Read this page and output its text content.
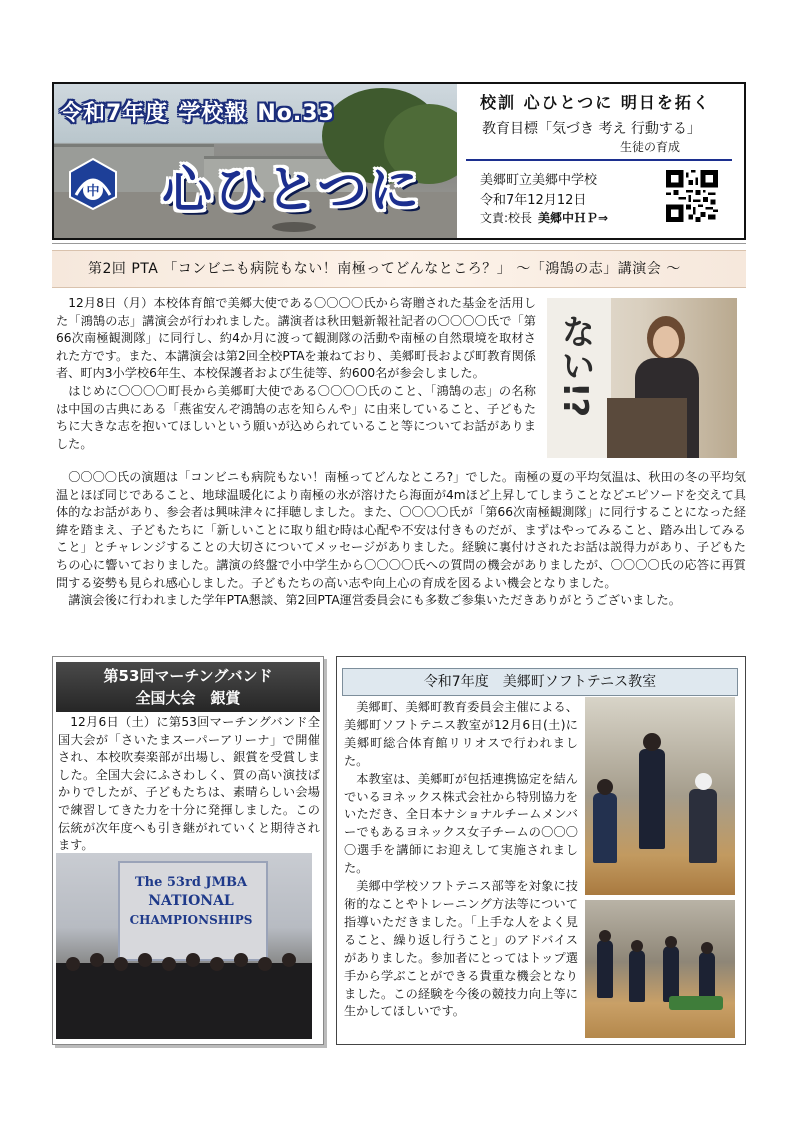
令和7年度 学校報 No.33
中 心ひとつに
校訓 心ひとつに 明日を拓く
教育目標「気づき 考え 行動する」
生徒の育成
美郷町立美郷中学校
令和7年12月12日
文責:校長 美郷中ＨＰ⇒
第2回 PTA 「コンビニも病院もない！南極ってどんなところ？」 ～「鴻鵠の志」講演会 ～

12月8日（月）本校体育館で美郷大使である〇〇〇〇氏から寄贈された基金を活用した「鴻鵠の志」講演会が行われました。講演者は秋田魁新報社記者の〇〇〇〇氏で「第66次南極観測隊」に同行し、約4か月に渡って観測隊の活動や南極の自然環境を取材された方です。また、本講演会は第2回全校PTAを兼ねており、美郷町長および町教育関係者、町内3小学校6年生、本校保護者および生徒等、約600名が参会しました。

はじめに〇〇〇〇町長から美郷町大使である〇〇〇〇氏のこと、「鴻鵠の志」の名称は中国の古典にある「燕雀安んぞ鴻鵠の志を知らんや」に由来していること、子どもたちに大きな志を抱いてほしいという願いが込められていること等についてお話がありました。

ない!?

〇〇〇〇氏の演題は「コンビニも病院もない！南極ってどんなところ?」でした。南極の夏の平均気温は、秋田の冬の平均気温とほぼ同じであること、地球温暖化により南極の氷が溶けたら海面が4mほど上昇してしまうことなどエピソードを交えて具体的なお話があり、参会者は興味津々に拝聴しました。また、〇〇〇〇氏が「第66次南極観測隊」に同行することになった経緯を踏まえ、子どもたちに「新しいことに取り組む時は心配や不安は付きものだが、まずはやってみること、踏み出してみること」とチャレンジすることの大切さについてメッセージがありました。経験に裏付けされたお話は説得力があり、子どもたちの心に響いておりました。講演の終盤で小中学生から〇〇〇〇氏への質問の機会がありましたが、〇〇〇〇氏の応答に再質問する姿勢も見られ感心しました。子どもたちの高い志や向上心の育成を図るよい機会となりました。

講演会後に行われました学年PTA懇談、第2回PTA運営委員会にも多数ご参集いただきありがとうございました。

第53回マーチングバンド
全国大会　銀賞

12月6日（土）に第53回マーチングバンド全国大会が「さいたまスーパーアリーナ」で開催され、本校吹奏楽部が出場し、銀賞を受賞しました。全国大会にふさわしく、質の高い演技ばかりでしたが、子どもたちは、素晴らしい会場で練習してきた力を十分に発揮しました。この伝統が次年度へも引き継がれていくと期待されます。

The 53rd JMBA
NATIONAL
CHAMPIONSHIPS
令和7年度　美郷町ソフトテニス教室

美郷町、美郷町教育委員会主催による、美郷町ソフトテニス教室が12月6日(土)に美郷町総合体育館リリオスで行われました。

本教室は、美郷町が包括連携協定を結んでいるヨネックス株式会社から特別協力をいただき、全日本ナショナルチームメンバーでもあるヨネックス女子チームの〇〇〇〇選手を講師にお迎えして実施されました。

美郷中学校ソフトテニス部等を対象に技術的なことやトレーニング方法等について指導いただきました。「上手な人をよく見ること、繰り返し行うこと」のアドバイスがありました。参加者にとってはトップ選手から学ぶことができる貴重な機会となりました。この経験を今後の競技力向上等に生かしてほしいです。
